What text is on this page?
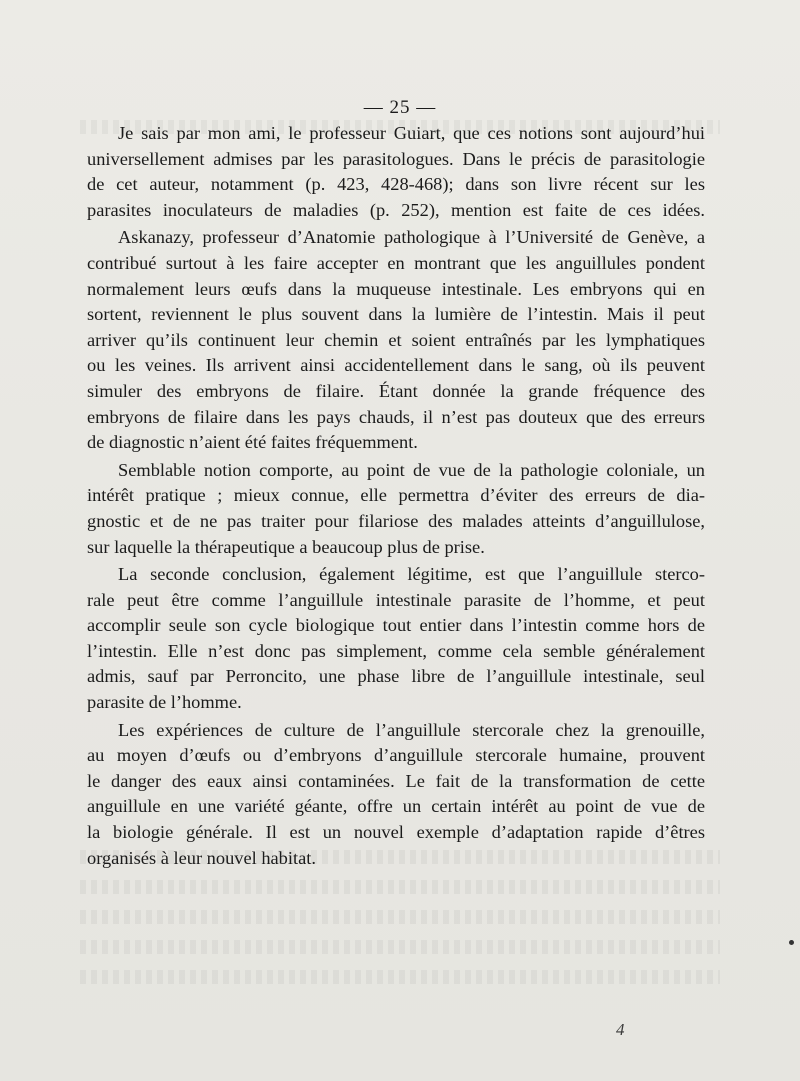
— 25 —
Je sais par mon ami, le professeur Guiart, que ces notions sont aujourd’hui
universellement admises par les parasitologues. Dans le précis de parasitologie
de cet auteur, notamment (p. 423, 428-468); dans son livre récent sur les
parasites inoculateurs de maladies (p. 252), mention est faite de ces idées.
Askanazy, professeur d’Anatomie pathologique à l’Université de Genève, a
contribué surtout à les faire accepter en montrant que les anguillules pondent
normalement leurs œufs dans la muqueuse intestinale. Les embryons qui en
sortent, reviennent le plus souvent dans la lumière de l’intestin. Mais il peut
arriver qu’ils continuent leur chemin et soient entraînés par les lymphatiques
ou les veines. Ils arrivent ainsi accidentellement dans le sang, où ils peuvent
simuler des embryons de filaire. Étant donnée la grande fréquence des
embryons de filaire dans les pays chauds, il n’est pas douteux que des erreurs
de diagnostic n’aient été faites fréquemment.
Semblable notion comporte, au point de vue de la pathologie coloniale, un
intérêt pratique ; mieux connue, elle permettra d’éviter des erreurs de dia-
gnostic et de ne pas traiter pour filariose des malades atteints d’anguillulose,
sur laquelle la thérapeutique a beaucoup plus de prise.
La seconde conclusion, également légitime, est que l’anguillule sterco-
rale peut être comme l’anguillule intestinale parasite de l’homme, et peut
accomplir seule son cycle biologique tout entier dans l’intestin comme hors de
l’intestin. Elle n’est donc pas simplement, comme cela semble généralement
admis, sauf par Perroncito, une phase libre de l’anguillule intestinale, seul
parasite de l’homme.
Les expériences de culture de l’anguillule stercorale chez la grenouille,
au moyen d’œufs ou d’embryons d’anguillule stercorale humaine, prouvent
le danger des eaux ainsi contaminées. Le fait de la transformation de cette
anguillule en une variété géante, offre un certain intérêt au point de vue de
la biologie générale. Il est un nouvel exemple d’adaptation rapide d’êtres
organisés à leur nouvel habitat.
4
